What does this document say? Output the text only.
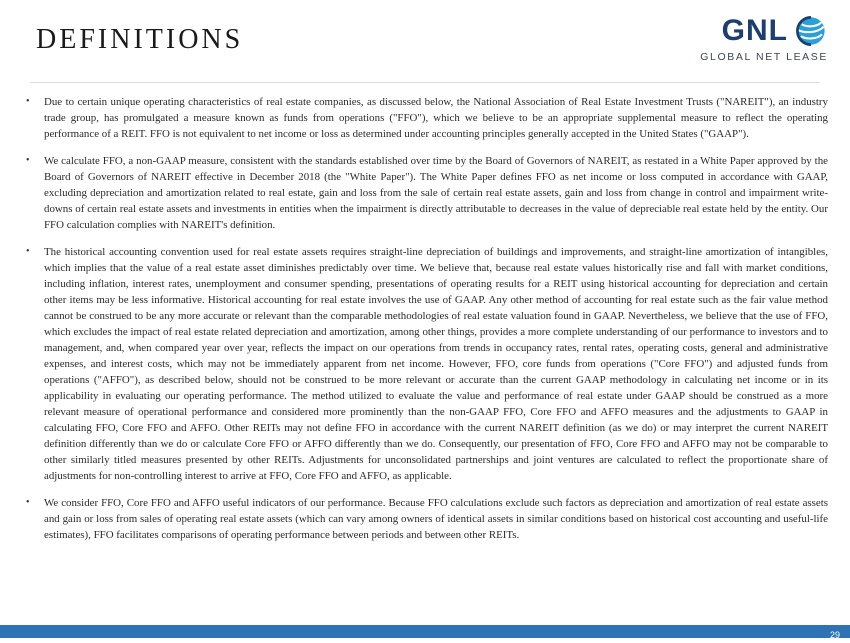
DEFINITIONS	GNL
GLOBAL NET LEASE
•	Due to certain unique operating characteristics of real estate companies, as discussed below, the National Association of Real Estate Investment Trusts ("NAREIT"), an industry trade group, has promulgated a measure known as funds from operations ("FFO"), which we believe to be an appropriate supplemental measure to reflect the operating performance of a REIT. FFO is not equivalent to net income or loss as determined under accounting principles generally accepted in the United States ("GAAP").

•	We calculate FFO, a non-GAAP measure, consistent with the standards established over time by the Board of Governors of NAREIT, as restated in a White Paper approved by the Board of Governors of NAREIT effective in December 2018 (the "White Paper"). The White Paper defines FFO as net income or loss computed in accordance with GAAP, excluding depreciation and amortization related to real estate, gain and loss from the sale of certain real estate assets, gain and loss from change in control and impairment write-downs of certain real estate assets and investments in entities when the impairment is directly attributable to decreases in the value of depreciable real estate held by the entity. Our FFO calculation complies with NAREIT's definition.

•	The historical accounting convention used for real estate assets requires straight-line depreciation of buildings and improvements, and straight-line amortization of intangibles, which implies that the value of a real estate asset diminishes predictably over time. We believe that, because real estate values historically rise and fall with market conditions, including inflation, interest rates, unemployment and consumer spending, presentations of operating results for a REIT using historical accounting for depreciation and certain other items may be less informative. Historical accounting for real estate involves the use of GAAP. Any other method of accounting for real estate such as the fair value method cannot be construed to be any more accurate or relevant than the comparable methodologies of real estate valuation found in GAAP. Nevertheless, we believe that the use of FFO, which excludes the impact of real estate related depreciation and amortization, among other things, provides a more complete understanding of our performance to investors and to management, and, when compared year over year, reflects the impact on our operations from trends in occupancy rates, rental rates, operating costs, general and administrative expenses, and interest costs, which may not be immediately apparent from net income. However, FFO, core funds from operations ("Core FFO") and adjusted funds from operations ("AFFO"), as described below, should not be construed to be more relevant or accurate than the current GAAP methodology in calculating net income or in its applicability in evaluating our operating performance. The method utilized to evaluate the value and performance of real estate under GAAP should be construed as a more relevant measure of operational performance and considered more prominently than the non-GAAP FFO, Core FFO and AFFO measures and the adjustments to GAAP in calculating FFO, Core FFO and AFFO. Other REITs may not define FFO in accordance with the current NAREIT definition (as we do) or may interpret the current NAREIT definition differently than we do or calculate Core FFO or AFFO differently than we do. Consequently, our presentation of FFO, Core FFO and AFFO may not be comparable to other similarly titled measures presented by other REITs. Adjustments for unconsolidated partnerships and joint ventures are calculated to reflect the proportionate share of adjustments for non-controlling interest to arrive at FFO, Core FFO and AFFO, as applicable.

•	We consider FFO, Core FFO and AFFO useful indicators of our performance. Because FFO calculations exclude such factors as depreciation and amortization of real estate assets and gain or loss from sales of operating real estate assets (which can vary among owners of identical assets in similar conditions based on historical cost accounting and useful-life estimates), FFO facilitates comparisons of operating performance between periods and between other REITs.

29
